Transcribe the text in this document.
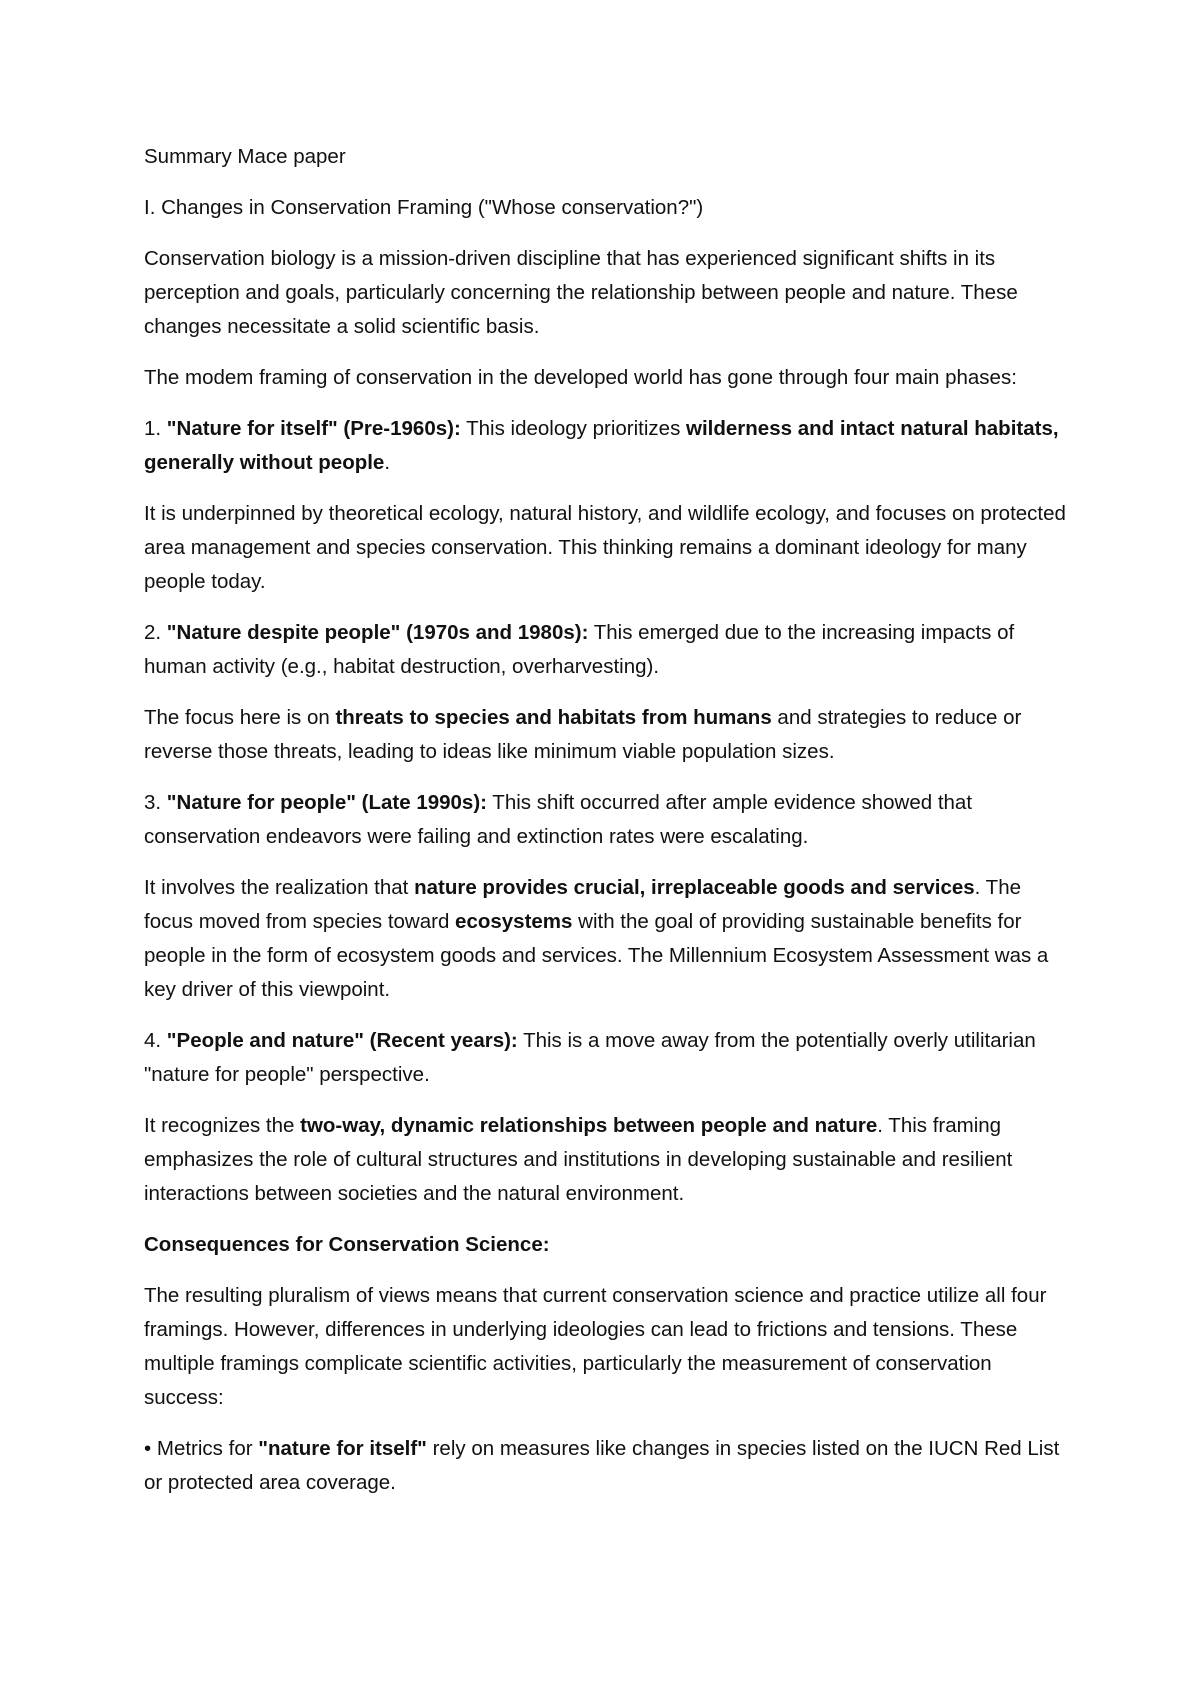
Summary Mace paper

I. Changes in Conservation Framing ("Whose conservation?")

Conservation biology is a mission-driven discipline that has experienced significant shifts in its perception and goals, particularly concerning the relationship between people and nature. These changes necessitate a solid scientific basis.

The modem framing of conservation in the developed world has gone through four main phases:

1. "Nature for itself" (Pre-1960s): This ideology prioritizes wilderness and intact natural habitats, generally without people.

It is underpinned by theoretical ecology, natural history, and wildlife ecology, and focuses on protected area management and species conservation. This thinking remains a dominant ideology for many people today.

2. "Nature despite people" (1970s and 1980s): This emerged due to the increasing impacts of human activity (e.g., habitat destruction, overharvesting).

The focus here is on threats to species and habitats from humans and strategies to reduce or reverse those threats, leading to ideas like minimum viable population sizes.

3. "Nature for people" (Late 1990s): This shift occurred after ample evidence showed that conservation endeavors were failing and extinction rates were escalating.

It involves the realization that nature provides crucial, irreplaceable goods and services. The focus moved from species toward ecosystems with the goal of providing sustainable benefits for people in the form of ecosystem goods and services. The Millennium Ecosystem Assessment was a key driver of this viewpoint.

4. "People and nature" (Recent years): This is a move away from the potentially overly utilitarian "nature for people" perspective.

It recognizes the two-way, dynamic relationships between people and nature. This framing emphasizes the role of cultural structures and institutions in developing sustainable and resilient interactions between societies and the natural environment.

Consequences for Conservation Science:

The resulting pluralism of views means that current conservation science and practice utilize all four framings. However, differences in underlying ideologies can lead to frictions and tensions. These multiple framings complicate scientific activities, particularly the measurement of conservation success:

• Metrics for "nature for itself" rely on measures like changes in species listed on the IUCN Red List or protected area coverage.
